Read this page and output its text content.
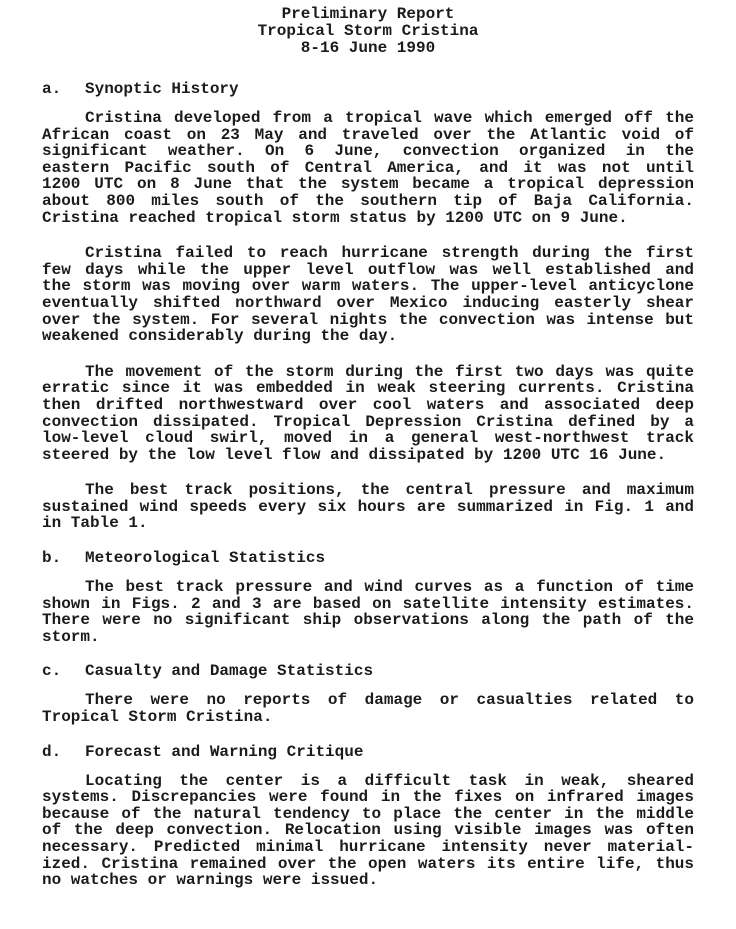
Preliminary Report
Tropical Storm Cristina
8-16 June 1990
a. Synoptic History
Cristina developed from a tropical wave which emerged off the
African coast on 23 May and traveled over the Atlantic void of
significant weather. On 6 June, convection organized in the
eastern Pacific south of Central America, and it was not until
1200 UTC on 8 June that the system became a tropical depression
about 800 miles south of the southern tip of Baja California.
Cristina reached tropical storm status by 1200 UTC on 9 June.
Cristina failed to reach hurricane strength during the first
few days while the upper level outflow was well established and
the storm was moving over warm waters. The upper-level anticyclone
eventually shifted northward over Mexico inducing easterly shear
over the system. For several nights the convection was intense but
weakened considerably during the day.
The movement of the storm during the first two days was quite
erratic since it was embedded in weak steering currents. Cristina
then drifted northwestward over cool waters and associated deep
convection dissipated. Tropical Depression Cristina defined by a
low-level cloud swirl, moved in a general west-northwest track
steered by the low level flow and dissipated by 1200 UTC 16 June.
The best track positions, the central pressure and maximum
sustained wind speeds every six hours are summarized in Fig. 1 and
in Table 1.
b. Meteorological Statistics
The best track pressure and wind curves as a function of time
shown in Figs. 2 and 3 are based on satellite intensity estimates.
There were no significant ship observations along the path of the
storm.
c. Casualty and Damage Statistics
There were no reports of damage or casualties related to
Tropical Storm Cristina.
d. Forecast and Warning Critique
Locating the center is a difficult task in weak, sheared
systems. Discrepancies were found in the fixes on infrared images
because of the natural tendency to place the center in the middle
of the deep convection. Relocation using visible images was often
necessary. Predicted minimal hurricane intensity never material-
ized. Cristina remained over the open waters its entire life, thus
no watches or warnings were issued.
